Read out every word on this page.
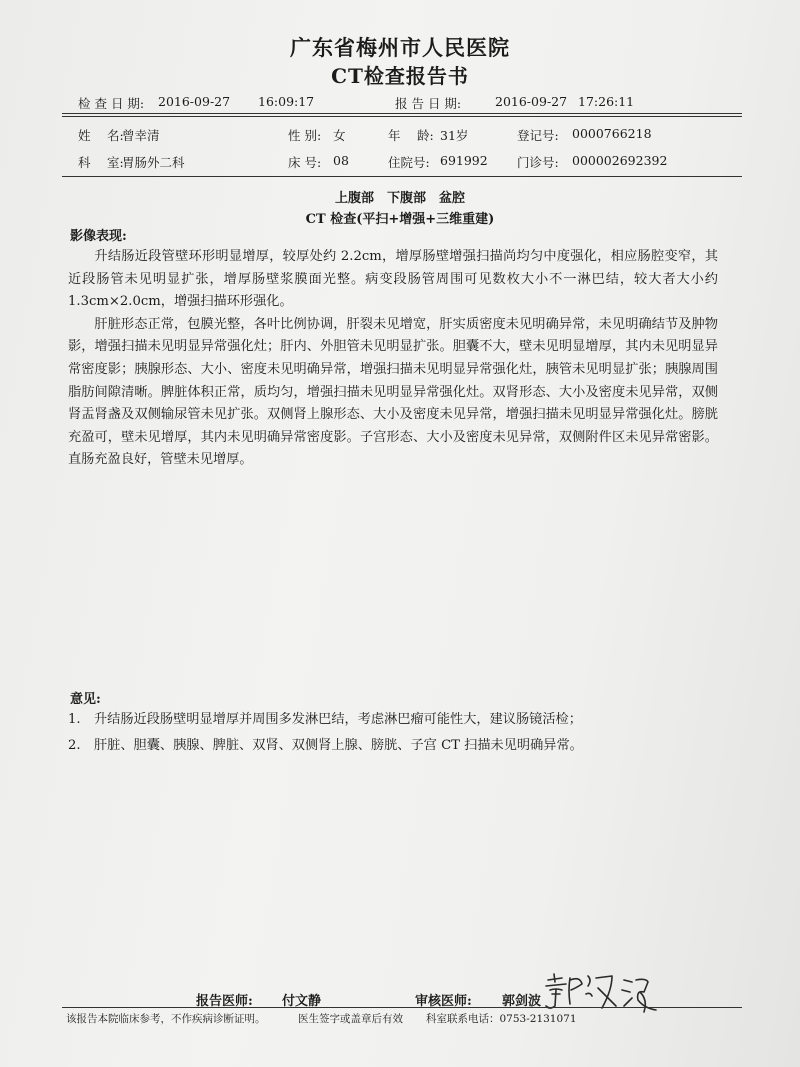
广东省梅州市人民医院
CT检查报告书
检 查 日 期: 2016-09-27 16:09:17	报 告 日 期:	2016-09-27 17:26:11
姓　 名:
曾幸清	性 别: 女	年　 龄: 31岁	登记号: 0000766218
科　 室:
胃肠外二科	床 号: 08	住院号: 691992 门诊号: 000002692392
上腹部　下腹部　盆腔
CT 检查(平扫+增强+三维重建)
影像表现:

升结肠近段管壁环形明显增厚，较厚处约 2.2cm，增厚肠壁增强扫描尚均匀中度强化，相应肠腔变窄，其近段肠管未见明显扩张，增厚肠壁浆膜面光整。病变段肠管周围可见数枚大小不一淋巴结，较大者大小约 1.3cm×2.0cm，增强扫描环形强化。

肝脏形态正常，包膜光整，各叶比例协调，肝裂未见增宽，肝实质密度未见明确异常，未见明确结节及肿物影，增强扫描未见明显异常强化灶；肝内、外胆管未见明显扩张。胆囊不大，壁未见明显增厚，其内未见明显异常密度影；胰腺形态、大小、密度未见明确异常，增强扫描未见明显异常强化灶，胰管未见明显扩张；胰腺周围脂肪间隙清晰。脾脏体积正常，质均匀，增强扫描未见明显异常强化灶。双肾形态、大小及密度未见异常，双侧肾盂肾盏及双侧输尿管未见扩张。双侧肾上腺形态、大小及密度未见异常，增强扫描未见明显异常强化灶。膀胱充盈可，壁未见增厚，其内未见明确异常密度影。子宫形态、大小及密度未见异常，双侧附件区未见异常密影。直肠充盈良好，管壁未见增厚。

意见:
1. 升结肠近段肠壁明显增厚并周围多发淋巴结，考虑淋巴瘤可能性大，建议肠镜活检；
2. 肝脏、胆囊、胰腺、脾脏、双肾、双侧肾上腺、膀胱、子宫 CT 扫描未见明确异常。
报告医师: 付文静	审核医师: 郭剑波
该报告本院临床参考，不作疾病诊断证明。	医生签字或盖章后有效 科室联系电话：0753-2131071
